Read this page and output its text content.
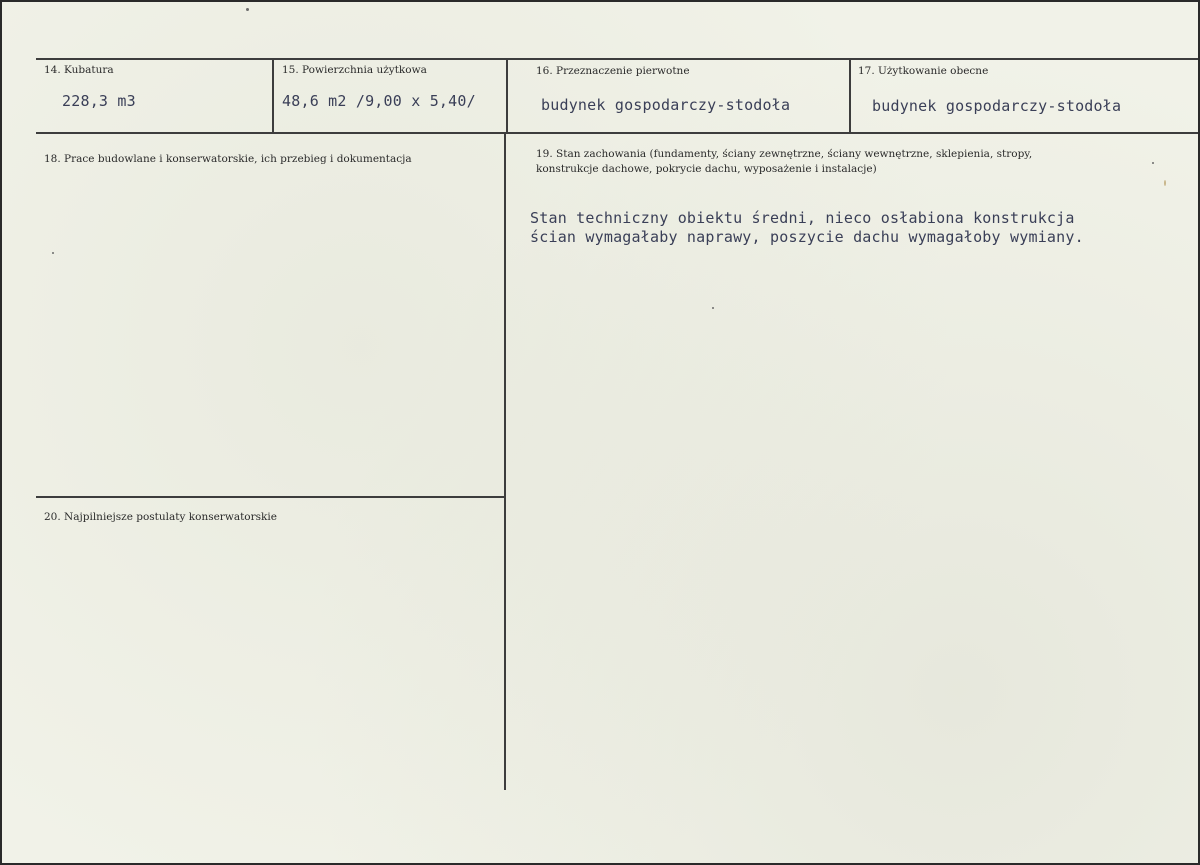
14. Kubatura
228,3 m3
15. Powierzchnia użytkowa
48,6 m2 /9,00 x 5,40/
16. Przeznaczenie pierwotne
budynek gospodarczy-stodoła
17. Użytkowanie obecne
budynek gospodarczy-stodoła
18. Prace budowlane i konserwatorskie, ich przebieg i dokumentacja	19. Stan zachowania (fundamenty, ściany zewnętrzne, ściany wewnętrzne, sklepienia, stropy,
konstrukcje dachowe, pokrycie dachu, wyposażenie i instalacje)
Stan techniczny obiektu średni, nieco osłabiona konstrukcja
ścian wymagałaby naprawy, poszycie dachu wymagałoby wymiany.
20. Najpilniejsze postulaty konserwatorskie
